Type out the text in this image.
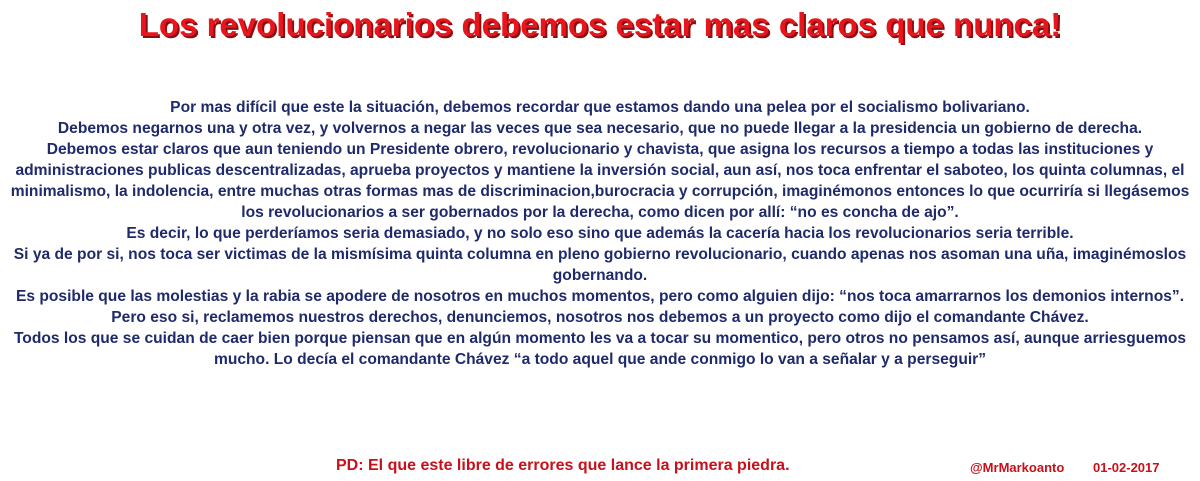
Los revolucionarios debemos estar mas claros que nunca!

Por mas difícil que este la situación, debemos recordar que estamos dando una pelea por el socialismo bolivariano.

Debemos negarnos una y otra vez, y volvernos a negar las veces que sea necesario, que no puede llegar a la presidencia un gobierno de derecha.

Debemos estar claros que aun teniendo un Presidente obrero, revolucionario y chavista, que asigna los recursos a tiempo a todas las instituciones y administraciones publicas descentralizadas, aprueba proyectos y mantiene la inversión social, aun así, nos toca enfrentar el saboteo, los quinta columnas, el minimalismo, la indolencia, entre muchas otras formas mas de discriminacion,burocracia y corrupción, imaginémonos entonces lo que ocurriría si llegásemos los revolucionarios a ser gobernados por la derecha, como dicen por allí: “no es concha de ajo”.

Es decir, lo que perderíamos seria demasiado, y no solo eso sino que además la cacería hacia los revolucionarios seria terrible.

Si ya de por si, nos toca ser victimas de la mismísima quinta columna en pleno gobierno revolucionario, cuando apenas nos asoman una uña, imaginémoslos gobernando.

Es posible que las molestias y la rabia se apodere de nosotros en muchos momentos, pero como alguien dijo: “nos toca amarrarnos los demonios internos”.

Pero eso si, reclamemos nuestros derechos, denunciemos, nosotros nos debemos a un proyecto como dijo el comandante Chávez.

Todos los que se cuidan de caer bien porque piensan que en algún momento les va a tocar su momentico, pero otros no pensamos así, aunque arriesguemos mucho. Lo decía el comandante Chávez “a todo aquel que ande conmigo lo van a señalar y a perseguir”

PD: El que este libre de errores que lance la primera piedra.	@MrMarkoanto 01-02-2017
